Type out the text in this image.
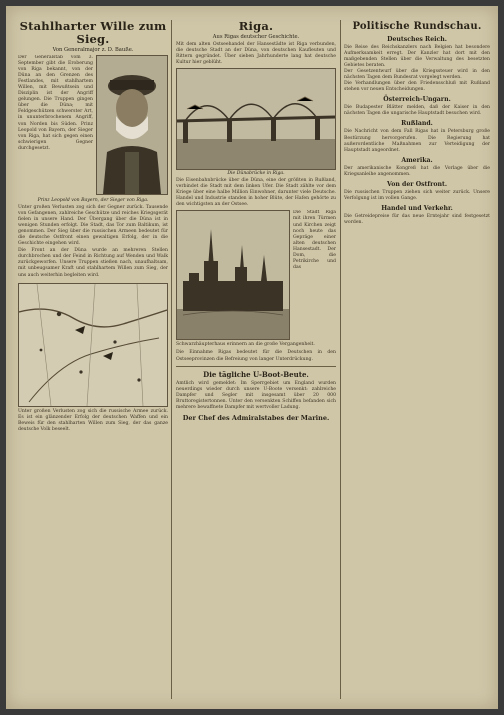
Stahlharter Wille zum Sieg.
Von Generalmajor z. D. Bauße.
Der Generalstab vom 3. September gibt die Eroberung von Riga bekannt, von der Düna an den Grenzen des Festlandes, mit stahlhartem Willen, mit Bewußtsein und Disziplin ist der Angriff gelungen. Die Truppen gingen über die Düna; mit Feldgeschützen schwerster Art, in ununterbrochenem Angriff, von Norden bis Süden. Prinz Leopold von Bayern, der Sieger von Riga, hat sich gegen einen schwierigen Gegner durchgesetzt.
Prinz Leopold von Bayern, der Sieger von Riga.
Unter großen Verlusten zog sich der Gegner zurück. Tausende von Gefangenen, zahlreiche Geschütze und reiches Kriegsgerät fielen in unsere Hand. Der Übergang über die Düna ist in wenigen Stunden erfolgt. Die Stadt, das Tor zum Baltikum, ist genommen. Der Sieg über die russischen Armeen bedeutet für die deutsche Ostfront einen gewaltigen Erfolg, der in die Geschichte eingehen wird.
Die Front an der Düna wurde an mehreren Stellen durchbrochen und der Feind in Richtung auf Wenden und Walk zurückgeworfen. Unsere Truppen stießen nach, unaufhaltsam, mit unbeugsamer Kraft und stahlhartem Willen zum Sieg, der uns auch weiterhin begleiten wird.
Unter großen Verlusten zog sich die russische Armee zurück. Es ist ein glänzender Erfolg der deutschen Waffen und ein Beweis für den stahlharten Willen zum Sieg, der das ganze deutsche Volk beseelt.
Riga.
Aus Rigas deutscher Geschichte.
Mit dem alten Ostseehandel der Hansestädte ist Riga verbunden, die deutsche Stadt an der Düna, von deutschen Kaufleuten und Rittern gegründet. Über sieben Jahrhunderte lang hat deutsche Kultur hier geblüht.
Die Dünabrücke in Riga.
Die Eisenbahnbrücke über die Düna, eine der größten in Rußland, verbindet die Stadt mit dem linken Ufer. Die Stadt zählte vor dem Kriege über eine halbe Million Einwohner, darunter viele Deutsche. Handel und Industrie standen in hoher Blüte, der Hafen gehörte zu den wichtigsten an der Ostsee.
Die Stadt Riga mit ihren Türmen und Kirchen zeigt noch heute das Gepräge einer alten deutschen Hansestadt. Der Dom, die Petrikirche und das Schwarzhäupterhaus erinnern an die große Vergangenheit.
Die Einnahme Rigas bedeutet für die Deutschen in den Ostseeprovinzen die Befreiung von langer Unterdrückung.
Die tägliche U-Boot-Beute.
Amtlich wird gemeldet: Im Sperrgebiet um England wurden neuerdings wieder durch unsere U-Boote versenkt: zahlreiche Dampfer und Segler mit insgesamt über 20 000 Bruttoregistertonnen. Unter den versenkten Schiffen befanden sich mehrere bewaffnete Dampfer mit wertvoller Ladung.
Der Chef des Admiralstabes der Marine.
Politische Rundschau.
Deutsches Reich.
Die Reise des Reichskanzlers nach Belgien hat besondere Aufmerksamkeit erregt. Der Kanzler hat dort mit den maßgebenden Stellen über die Verwaltung des besetzten Gebietes beraten.
Der Gesetzentwurf über die Kriegssteuer wird in den nächsten Tagen dem Bundesrat vorgelegt werden.
Die Verhandlungen über den Friedensschluß mit Rußland stehen vor neuen Entscheidungen.
Österreich-Ungarn.
Die Budapester Blätter melden, daß der Kaiser in den nächsten Tagen die ungarische Hauptstadt besuchen wird.
Rußland.
Die Nachricht von dem Fall Rigas hat in Petersburg große Bestürzung hervorgerufen. Die Regierung hat außerordentliche Maßnahmen zur Verteidigung der Hauptstadt angeordnet.
Amerika.
Der amerikanische Kongreß hat die Vorlage über die Kriegsanleihe angenommen.
Von der Ostfront.
Die russischen Truppen ziehen sich weiter zurück. Unsere Verfolgung ist im vollen Gange.
Handel und Verkehr.
Die Getreidepreise für das neue Erntejahr sind festgesetzt worden.
